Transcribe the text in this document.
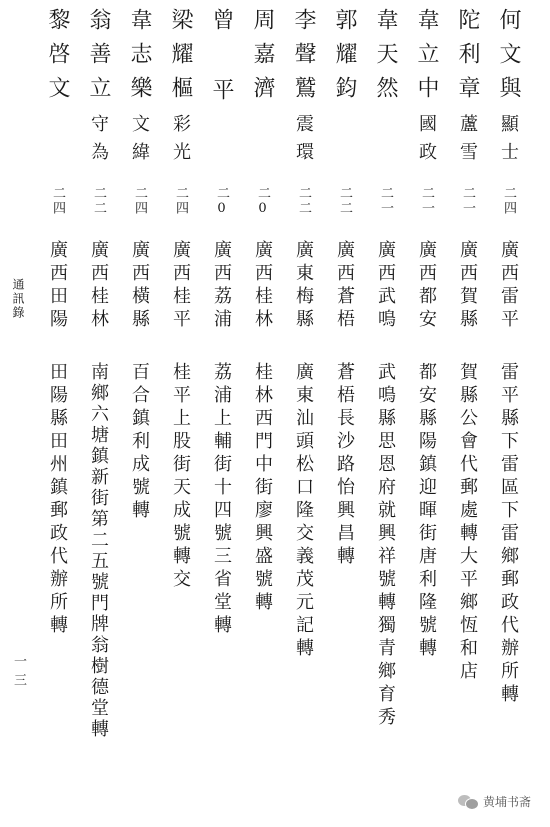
何文與
顯士
二四
廣西雷平
雷平縣下雷區下雷鄉郵政代辦所轉
陀利章
蘆雪
二一
廣西賀縣
賀縣公會代郵處轉大平鄉恆和店
韋立中
國政
二一
廣西都安
都安縣陽鎮迎暉街唐利隆號轉
韋天然
二一
廣西武鳴
武鳴縣思恩府就興祥號轉獨青鄉育秀
郭耀鈞
二二
廣西蒼梧
蒼梧長沙路怡興昌轉
李聲鷲
震環
二二
廣東梅縣
廣東汕頭松口隆交義茂元記轉
周嘉濟
二0
廣西桂林
桂林西門中街廖興盛號轉
曾平
二0
廣西荔浦
荔浦上輔街十四號三省堂轉
梁耀樞
彩光
二四
廣西桂平
桂平上股街天成號轉交
韋志樂
文緯
二四
廣西橫縣
百合鎮利成號轉
翁善立
守為
二二
廣西桂林
南鄉六塘鎮新街第二五號門牌翁樹德堂轉
黎啓文
二四
廣西田陽
田陽縣田州鎮郵政代辦所轉
通訊錄
一三
黄埔书斋
